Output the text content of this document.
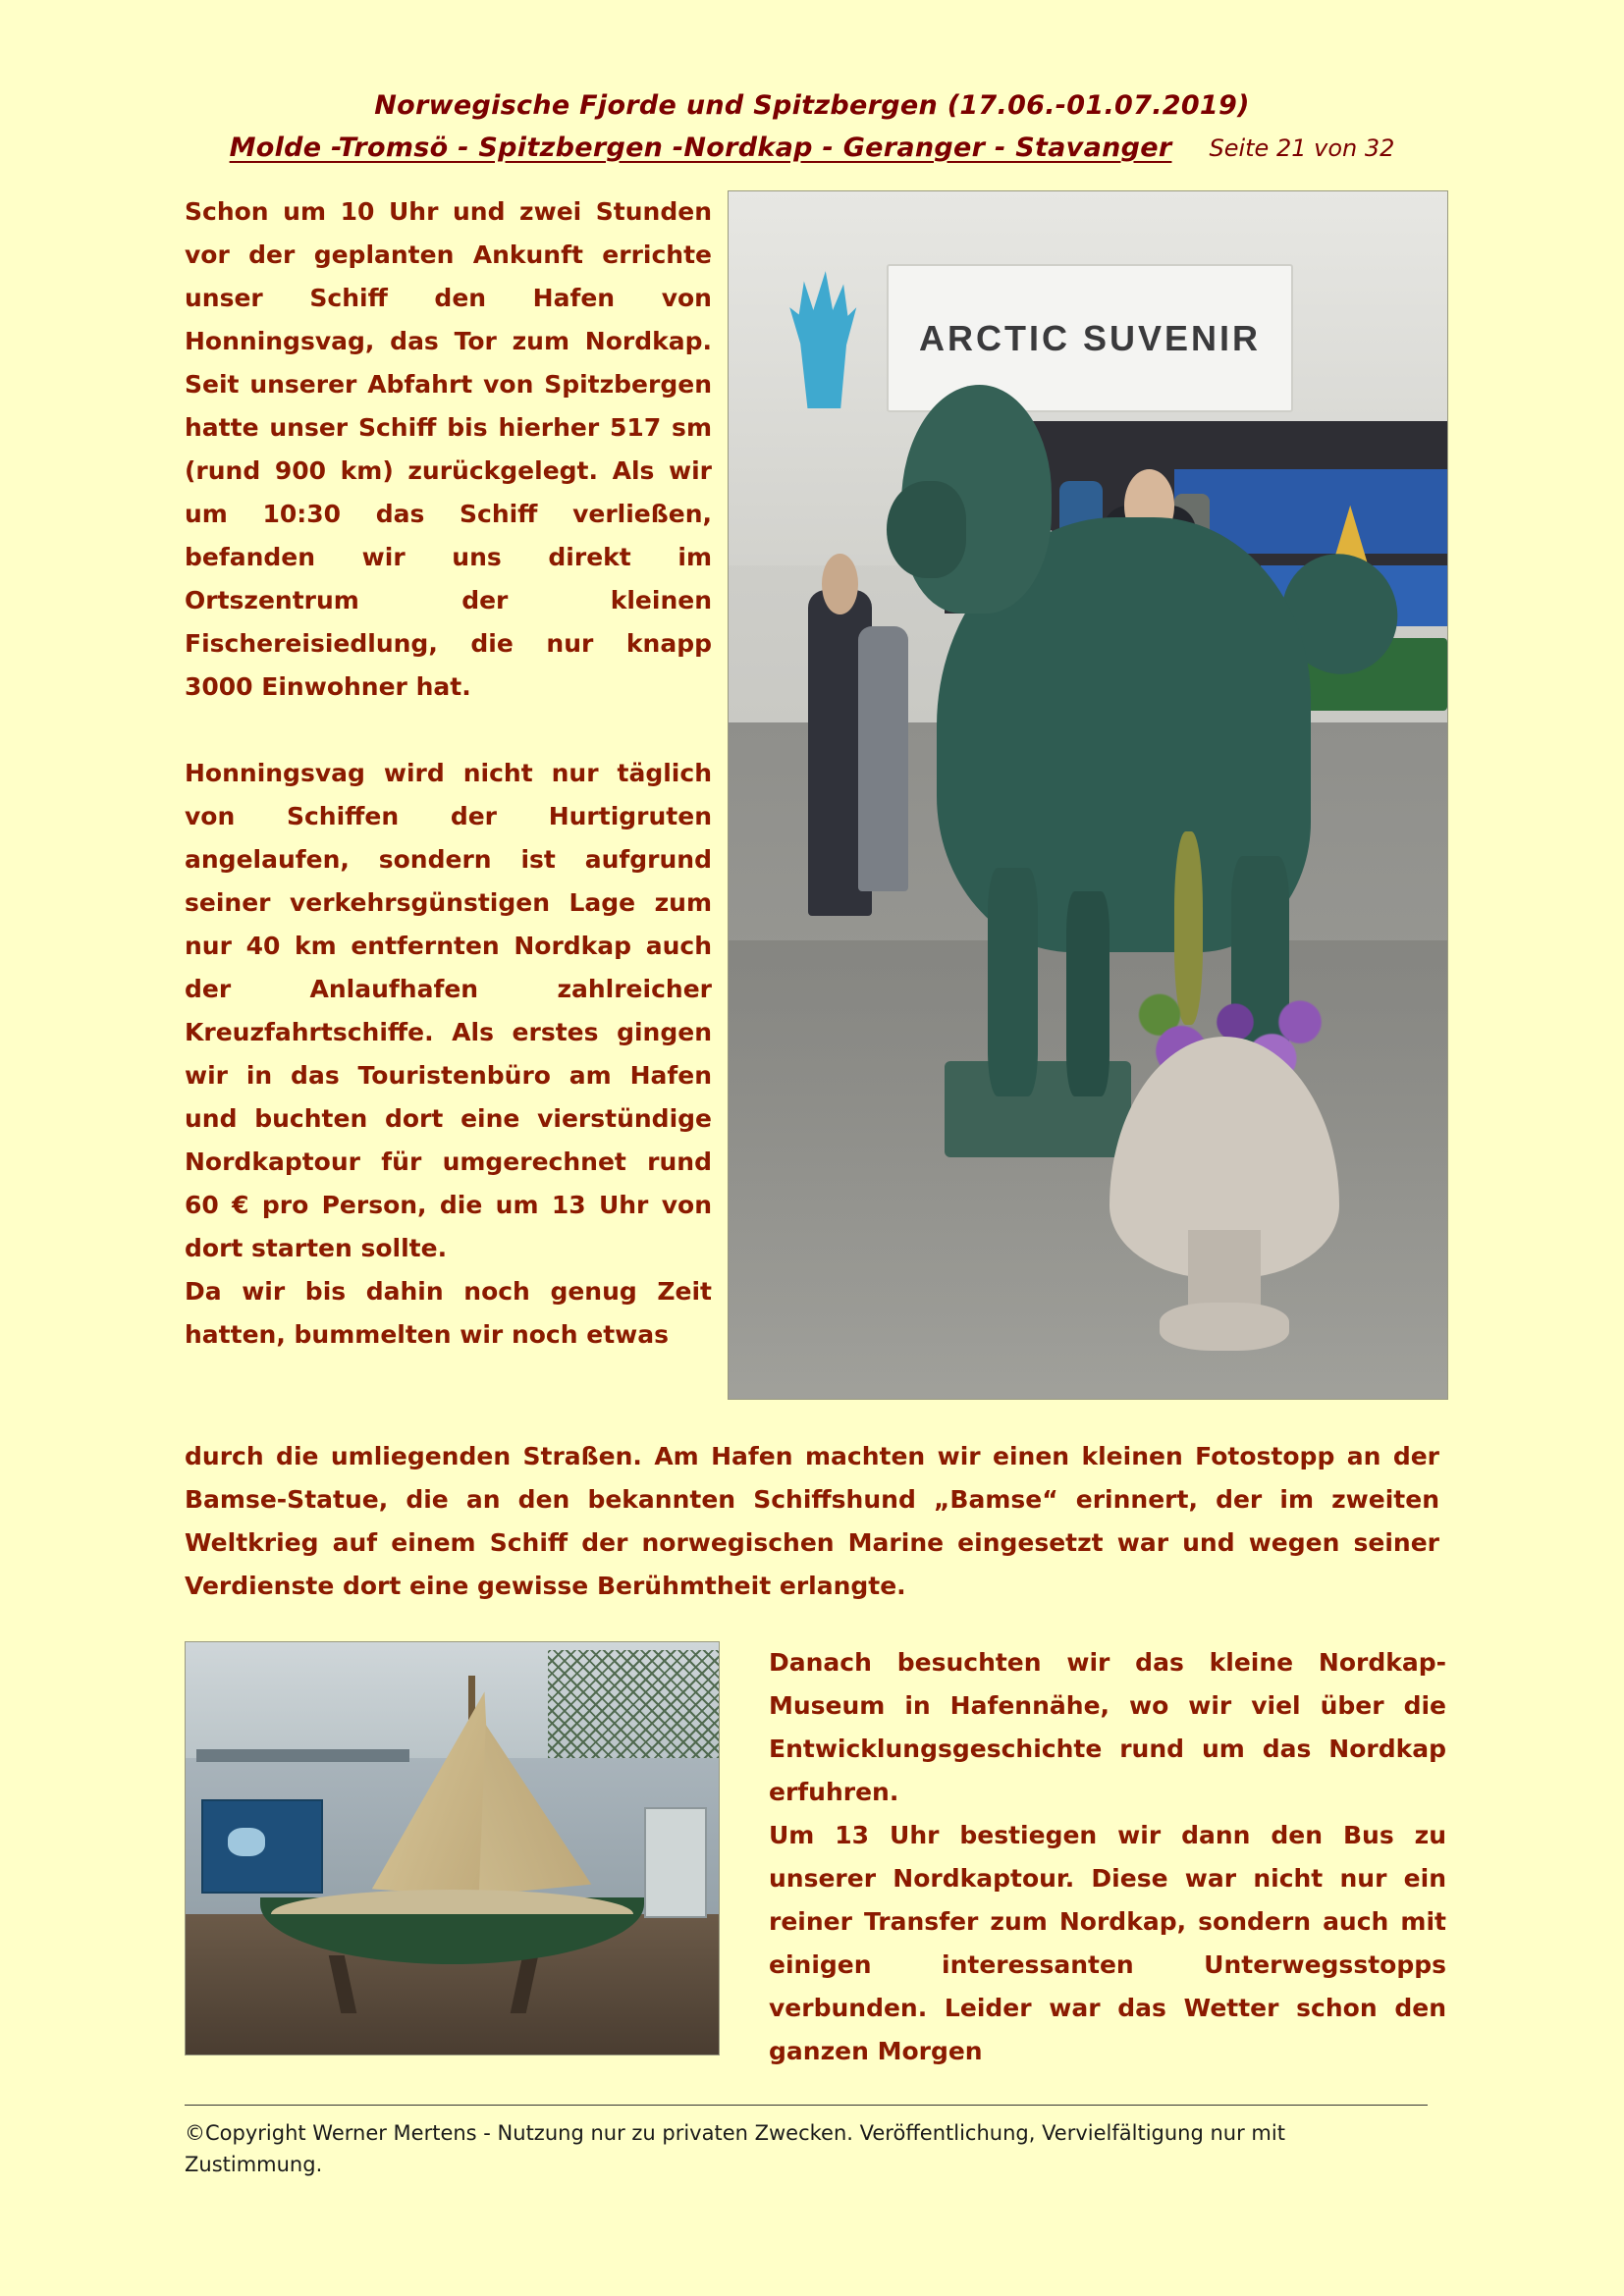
Norwegische Fjorde und Spitzbergen (17.06.-01.07.2019)
Molde -Tromsö - Spitzbergen -Nordkap - Geranger - Stavanger Seite 21 von 32

Schon um 10 Uhr und zwei Stunden vor der geplanten Ankunft errichte unser Schiff den Hafen von Honningsvag, das Tor zum Nordkap. Seit unserer Abfahrt von Spitzbergen hatte unser Schiff bis hierher 517 sm (rund 900 km) zurückgelegt. Als wir um 10:30 das Schiff verließen, befanden wir uns direkt im Ortszentrum der kleinen Fischereisiedlung, die nur knapp 3000 Einwohner hat.

Honningsvag wird nicht nur täglich von Schiffen der Hurtigruten angelaufen, sondern ist aufgrund seiner verkehrsgünstigen Lage zum nur 40 km entfernten Nordkap auch der Anlaufhafen zahlreicher Kreuzfahrtschiffe. Als erstes gingen wir in das Touristenbüro am Hafen und buchten dort eine vierstündige Nordkaptour für umgerechnet rund 60 € pro Person, die um 13 Uhr von dort starten sollte.

Da wir bis dahin noch genug Zeit hatten, bummelten wir noch etwas

ARCTIC SUVENIR

durch die umliegenden Straßen. Am Hafen machten wir einen kleinen Fotostopp an der Bamse-Statue, die an den bekannten Schiffshund „Bamse“ erinnert, der im zweiten Weltkrieg auf einem Schiff der norwegischen Marine eingesetzt war und wegen seiner Verdienste dort eine gewisse Berühmtheit erlangte.

Danach besuchten wir das kleine Nordkap-Museum in Hafennähe, wo wir viel über die Entwicklungsgeschichte rund um das Nordkap erfuhren.

Um 13 Uhr bestiegen wir dann den Bus zu unserer Nordkaptour. Diese war nicht nur ein reiner Transfer zum Nordkap, sondern auch mit einigen interessanten Unterwegsstopps verbunden. Leider war das Wetter schon den ganzen Morgen

©Copyright Werner Mertens - Nutzung nur zu privaten Zwecken. Veröffentlichung, Vervielfältigung nur mit Zustimmung.
